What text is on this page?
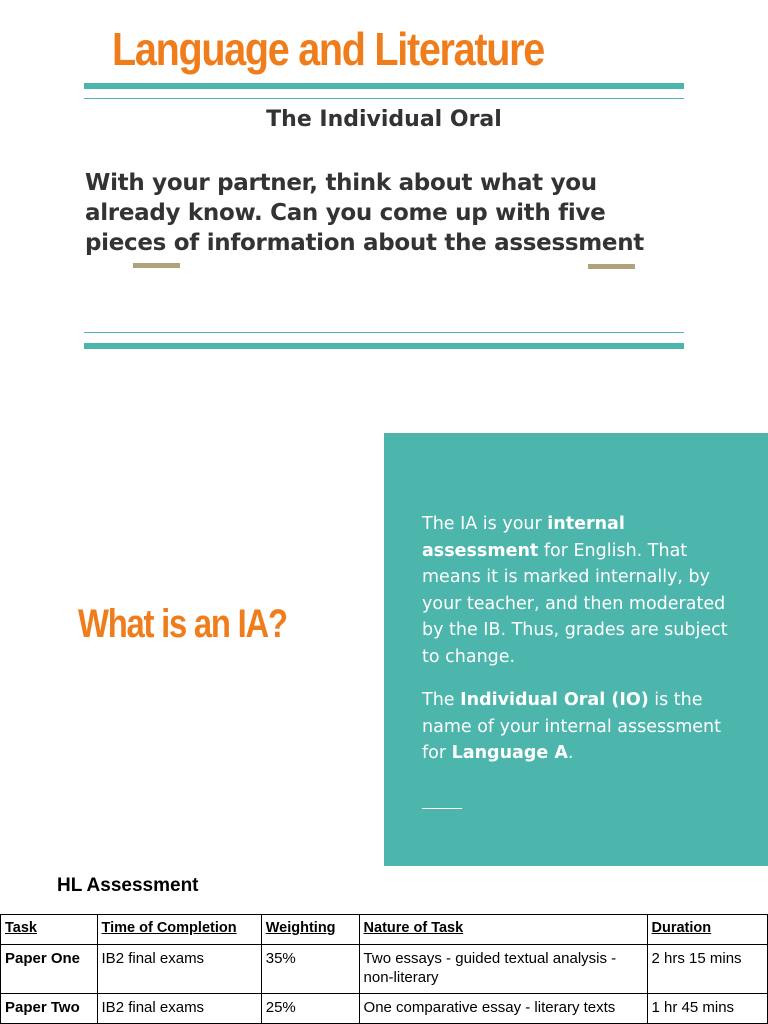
Language and Literature

The Individual Oral

With your partner, think about what you already know. Can you come up with five pieces of information about the assessment

What is an IA?

The IA is your internal assessment for English. That means it is marked internally, by your teacher, and then moderated by the IB. Thus, grades are subject to change.

The Individual Oral (IO) is the name of your internal assessment for Language A.

HL Assessment

Task	Time of Completion	Weighting	Nature of Task	Duration
Paper One	IB2 final exams	35%	Two essays - guided textual analysis - non-literary	2 hrs 15 mins
Paper Two	IB2 final exams	25%	One comparative essay - literary texts	1 hr 45 mins
